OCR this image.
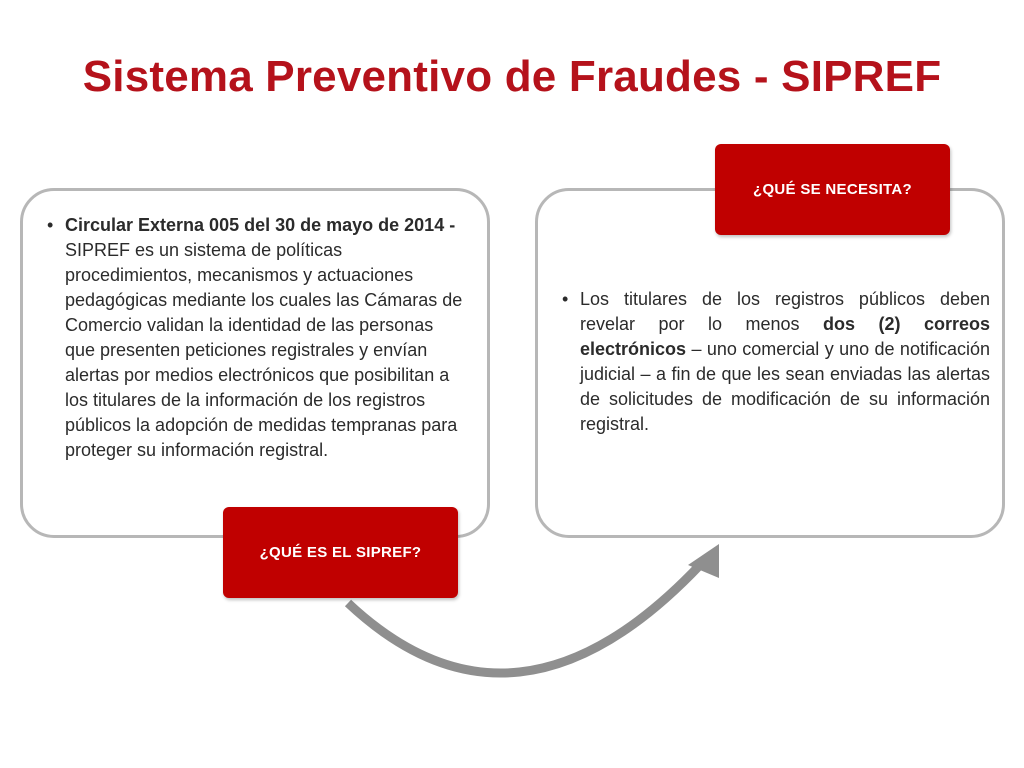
Sistema Preventivo de Fraudes - SIPREF
• Circular Externa 005 del 30 de mayo de 2014 - SIPREF es un sistema de políticas procedimientos, mecanismos y actuaciones pedagógicas mediante los cuales las Cámaras de Comercio validan la identidad de las personas que presenten peticiones registrales y envían alertas por medios electrónicos que posibilitan a los titulares de la información de los registros públicos la adopción de medidas tempranas para proteger su información registral.
• Los titulares de los registros públicos deben revelar por lo menos dos (2) correos electrónicos – uno comercial y uno de notificación judicial – a fin de que les sean enviadas las alertas de solicitudes de modificación de su información registral.
¿QUÉ ES EL SIPREF?
¿QUÉ SE NECESITA?
